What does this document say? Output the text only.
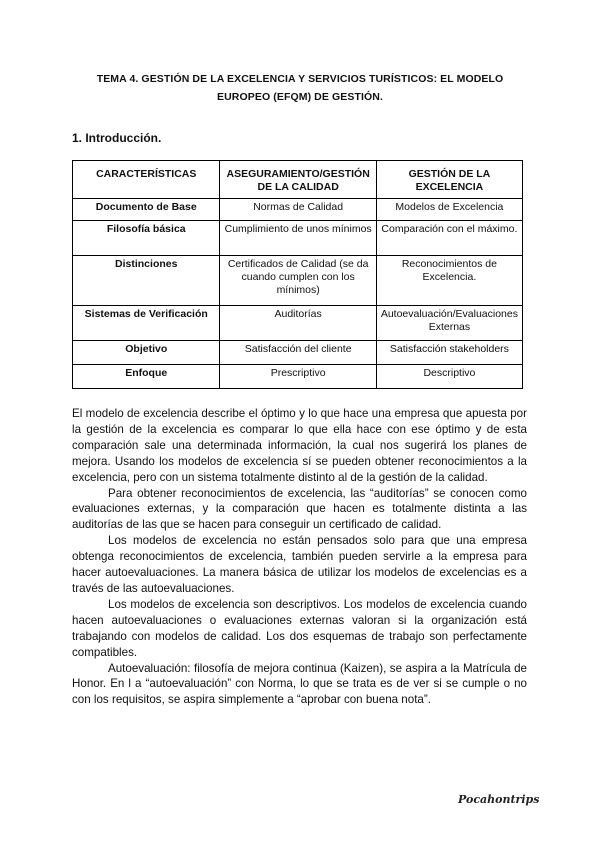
TEMA 4. GESTIÓN DE LA EXCELENCIA Y SERVICIOS TURÍSTICOS: EL MODELO EUROPEO (EFQM) DE GESTIÓN.
1. Introducción.
CARACTERÍSTICAS	ASEGURAMIENTO/GESTIÓN DE LA CALIDAD	GESTIÓN DE LA EXCELENCIA
Documento de Base	Normas de Calidad	Modelos de Excelencia
Filosofía básica	Cumplimiento de unos mínimos	Comparación con el máximo.
Distinciones	Certificados de Calidad (se da cuando cumplen con los mínimos)	Reconocimientos de Excelencia.
Sistemas de Verificación	Auditorías	Autoevaluación/Evaluaciones Externas
Objetivo	Satisfacción del cliente	Satisfacción stakeholders
Enfoque	Prescriptivo	Descriptivo

El modelo de excelencia describe el óptimo y lo que hace una empresa que apuesta por la gestión de la excelencia es comparar lo que ella hace con ese óptimo y de esta comparación sale una determinada información, la cual nos sugerirá los planes de mejora. Usando los modelos de excelencia sí se pueden obtener reconocimientos a la excelencia, pero con un sistema totalmente distinto al de la gestión de la calidad.

Para obtener reconocimientos de excelencia, las “auditorías” se conocen como evaluaciones externas, y la comparación que hacen es totalmente distinta a las auditorías de las que se hacen para conseguir un certificado de calidad.

Los modelos de excelencia no están pensados solo para que una empresa obtenga reconocimientos de excelencia, también pueden servirle a la empresa para hacer autoevaluaciones. La manera básica de utilizar los modelos de excelencias es a través de las autoevaluaciones.

Los modelos de excelencia son descriptivos. Los modelos de excelencia cuando hacen autoevaluaciones o evaluaciones externas valoran si la organización está trabajando con modelos de calidad. Los dos esquemas de trabajo son perfectamente compatibles.

Autoevaluación: filosofía de mejora continua (Kaizen), se aspira a la Matrícula de Honor. En l a “autoevaluación” con Norma, lo que se trata es de ver si se cumple o no con los requisitos, se aspira simplemente a “aprobar con buena nota”.

Pocahontrips
